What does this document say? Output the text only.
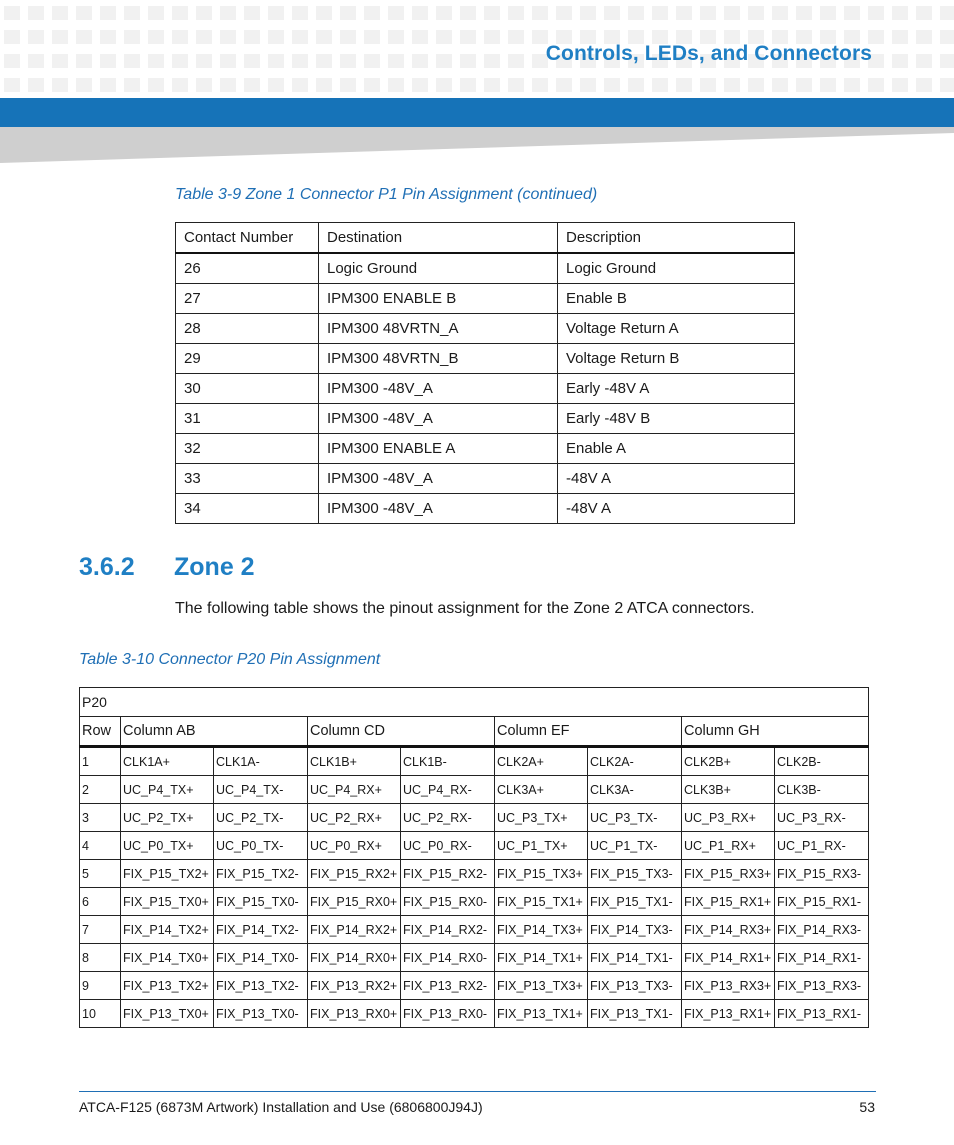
Controls, LEDs, and Connectors
Table 3-9 Zone 1 Connector P1 Pin Assignment (continued)
Contact Number	Destination	Description
26	Logic Ground	Logic Ground
27	IPM300 ENABLE B	Enable B
28	IPM300 48VRTN_A	Voltage Return A
29	IPM300 48VRTN_B	Voltage Return B
30	IPM300 -48V_A	Early -48V A
31	IPM300 -48V_A	Early -48V B
32	IPM300 ENABLE A	Enable A
33	IPM300 -48V_A	-48V A
34	IPM300 -48V_A	-48V A
3.6.2 Zone 2
The following table shows the pinout assignment for the Zone 2 ATCA connectors.
Table 3-10 Connector P20 Pin Assignment
P20								
Row	Column AB		Column CD		Column EF		Column GH	
1	CLK1A+	CLK1A-	CLK1B+	CLK1B-	CLK2A+	CLK2A-	CLK2B+	CLK2B-
2	UC_P4_TX+	UC_P4_TX-	UC_P4_RX+	UC_P4_RX-	CLK3A+	CLK3A-	CLK3B+	CLK3B-
3	UC_P2_TX+	UC_P2_TX-	UC_P2_RX+	UC_P2_RX-	UC_P3_TX+	UC_P3_TX-	UC_P3_RX+	UC_P3_RX-
4	UC_P0_TX+	UC_P0_TX-	UC_P0_RX+	UC_P0_RX-	UC_P1_TX+	UC_P1_TX-	UC_P1_RX+	UC_P1_RX-
5	FIX_P15_TX2+	FIX_P15_TX2-	FIX_P15_RX2+	FIX_P15_RX2-	FIX_P15_TX3+	FIX_P15_TX3-	FIX_P15_RX3+	FIX_P15_RX3-
6	FIX_P15_TX0+	FIX_P15_TX0-	FIX_P15_RX0+	FIX_P15_RX0-	FIX_P15_TX1+	FIX_P15_TX1-	FIX_P15_RX1+	FIX_P15_RX1-
7	FIX_P14_TX2+	FIX_P14_TX2-	FIX_P14_RX2+	FIX_P14_RX2-	FIX_P14_TX3+	FIX_P14_TX3-	FIX_P14_RX3+	FIX_P14_RX3-
8	FIX_P14_TX0+	FIX_P14_TX0-	FIX_P14_RX0+	FIX_P14_RX0-	FIX_P14_TX1+	FIX_P14_TX1-	FIX_P14_RX1+	FIX_P14_RX1-
9	FIX_P13_TX2+	FIX_P13_TX2-	FIX_P13_RX2+	FIX_P13_RX2-	FIX_P13_TX3+	FIX_P13_TX3-	FIX_P13_RX3+	FIX_P13_RX3-
10	FIX_P13_TX0+	FIX_P13_TX0-	FIX_P13_RX0+	FIX_P13_RX0-	FIX_P13_TX1+	FIX_P13_TX1-	FIX_P13_RX1+	FIX_P13_RX1-
ATCA-F125 (6873M Artwork) Installation and Use (6806800J94J)	53
